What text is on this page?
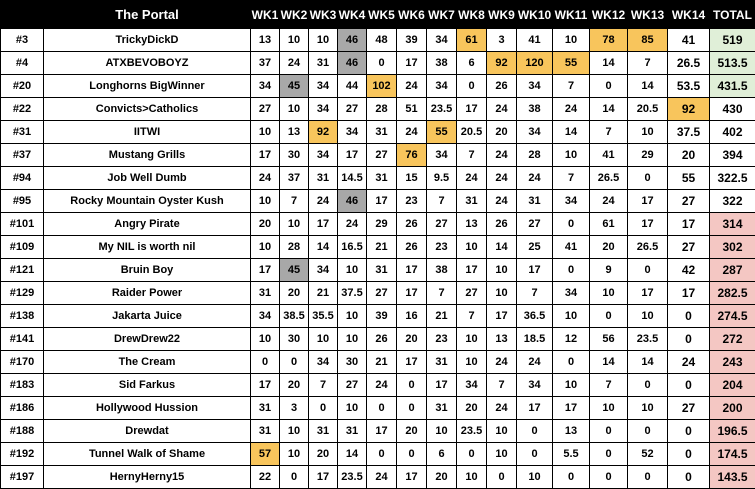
	The Portal	WK1	WK2	WK3	WK4	WK5	WK6	WK7	WK8	WK9	WK10	WK11	WK12	WK13	WK14	TOTAL
#3	TrickyDickD	13	10	10	46	48	39	34	61	3	41	10	78	85	41	519
#4	ATXBEVOBOYZ	37	24	31	46	0	17	38	6	92	120	55	14	7	26.5	513.5
#20	Longhorns BigWinner	34	45	34	44	102	24	34	0	26	34	7	0	14	53.5	431.5
#22	Convicts>Catholics	27	10	34	27	28	51	23.5	17	24	38	24	14	20.5	92	430
#31	IITWI	10	13	92	34	31	24	55	20.5	20	34	14	7	10	37.5	402
#37	Mustang Grills	17	30	34	17	27	76	34	7	24	28	10	41	29	20	394
#94	Job Well Dumb	24	37	31	14.5	31	15	9.5	24	24	24	7	26.5	0	55	322.5
#95	Rocky Mountain Oyster Kush	10	7	24	46	17	23	7	31	24	31	34	24	17	27	322
#101	Angry Pirate	20	10	17	24	29	26	27	13	26	27	0	61	17	17	314
#109	My NIL is worth nil	10	28	14	16.5	21	26	23	10	14	25	41	20	26.5	27	302
#121	Bruin Boy	17	45	34	10	31	17	38	17	10	17	0	9	0	42	287
#129	Raider Power	31	20	21	37.5	27	17	7	27	10	7	34	10	17	17	282.5
#138	Jakarta Juice	34	38.5	35.5	10	39	16	21	7	17	36.5	10	0	10	0	274.5
#141	DrewDrew22	10	30	10	10	26	20	23	10	13	18.5	12	56	23.5	0	272
#170	The Cream	0	0	34	30	21	17	31	10	24	24	0	14	14	24	243
#183	Sid Farkus	17	20	7	27	24	0	17	34	7	34	10	7	0	0	204
#186	Hollywood Hussion	31	3	0	10	0	0	31	20	24	17	17	10	10	27	200
#188	Drewdat	31	10	31	31	17	20	10	23.5	10	0	13	0	0	0	196.5
#192	Tunnel Walk of Shame	57	10	20	14	0	0	6	0	10	0	5.5	0	52	0	174.5
#197	HernyHerny15	22	0	17	23.5	24	17	20	10	0	10	0	0	0	0	143.5
